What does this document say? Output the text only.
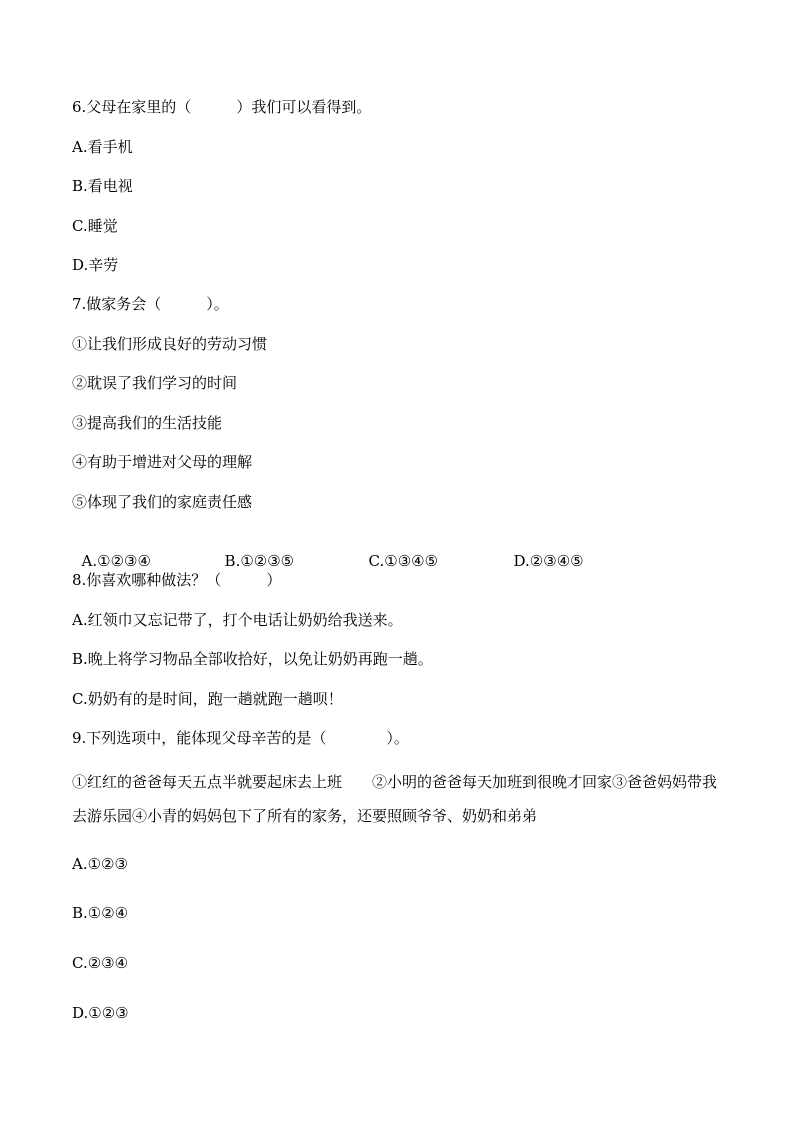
6.父母在家里的（　　　）我们可以看得到。
A.看手机
B.看电视
C.睡觉
D.辛劳
7.做家务会（　　　）。
①让我们形成良好的劳动习惯
②耽误了我们学习的时间
③提高我们的生活技能
④有助于增进对父母的理解
⑤体现了我们的家庭责任感

A.①②③④	B.①②③⑤	C.①③④⑤	D.②③④⑤

8.你喜欢哪种做法？（　　　）
A.红领巾又忘记带了，打个电话让奶奶给我送来。
B.晚上将学习物品全部收拾好，以免让奶奶再跑一趟。
C.奶奶有的是时间，跑一趟就跑一趟呗！
9.下列选项中，能体现父母辛苦的是（　　　　）。
①红红的爸爸每天五点半就要起床去上班　　②小明的爸爸每天加班到很晚才回家③爸爸妈妈带我去游乐园④小青的妈妈包下了所有的家务，还要照顾爷爷、奶奶和弟弟
A.①②③
B.①②④
C.②③④
D.①②③
